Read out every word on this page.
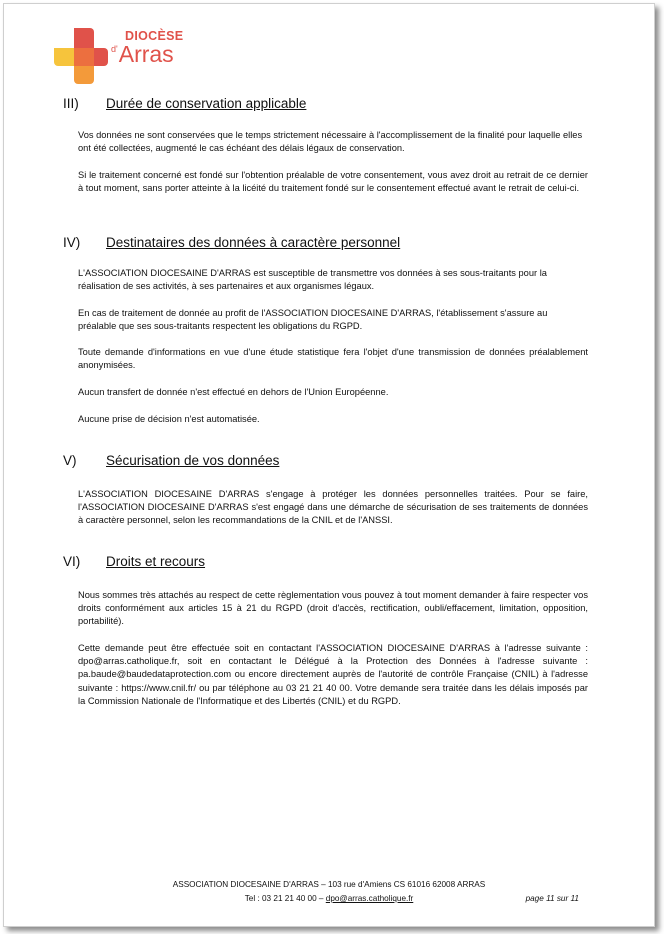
DIOCÈSE
$^{d'}$Arras
III)	Durée de conservation applicable
Vos données ne sont conservées que le temps strictement nécessaire à l'accomplissement de la finalité pour laquelle elles ont été collectées, augmenté le cas échéant des délais légaux de conservation.
Si le traitement concerné est fondé sur l'obtention préalable de votre consentement, vous avez droit au retrait de ce dernier à tout moment, sans porter atteinte à la licéité du traitement fondé sur le consentement effectué avant le retrait de celui-ci.
IV)	Destinataires des données à caractère personnel
L'ASSOCIATION DIOCESAINE D'ARRAS est susceptible de transmettre vos données à ses sous-traitants pour la réalisation de ses activités, à ses partenaires et aux organismes légaux.
En cas de traitement de donnée au profit de l'ASSOCIATION DIOCESAINE D'ARRAS, l'établissement s'assure au préalable que ses sous-traitants respectent les obligations du RGPD.
Toute demande d'informations en vue d'une étude statistique fera l'objet d'une transmission de données préalablement anonymisées.
Aucun transfert de donnée n'est effectué en dehors de l'Union Européenne.
Aucune prise de décision n'est automatisée.
V)	Sécurisation de vos données
L'ASSOCIATION DIOCESAINE D'ARRAS s'engage à protéger les données personnelles traitées. Pour se faire, l'ASSOCIATION DIOCESAINE D'ARRAS s'est engagé dans une démarche de sécurisation de ses traitements de données à caractère personnel, selon les recommandations de la CNIL et de l'ANSSI.
VI)	Droits et recours
Nous sommes très attachés au respect de cette règlementation vous pouvez à tout moment demander à faire respecter vos droits conformément aux articles 15 à 21 du RGPD (droit d'accès, rectification, oubli/effacement, limitation, opposition, portabilité).
Cette demande peut être effectuée soit en contactant l'ASSOCIATION DIOCESAINE D'ARRAS à l'adresse suivante : dpo@arras.catholique.fr, soit en contactant le Délégué à la Protection des Données à l'adresse suivante : pa.baude@baudedataprotection.com ou encore directement auprès de l'autorité de contrôle Française (CNIL) à l'adresse suivante : https://www.cnil.fr/ ou par téléphone au 03 21 21 40 00. Votre demande sera traitée dans les délais imposés par la Commission Nationale de l'Informatique et des Libertés (CNIL) et du RGPD.
ASSOCIATION DIOCESAINE D'ARRAS – 103 rue d'Amiens CS 61016 62008 ARRAS
Tel : 03 21 21 40 00 – dpo@arras.catholique.fr	page 11 sur 11
